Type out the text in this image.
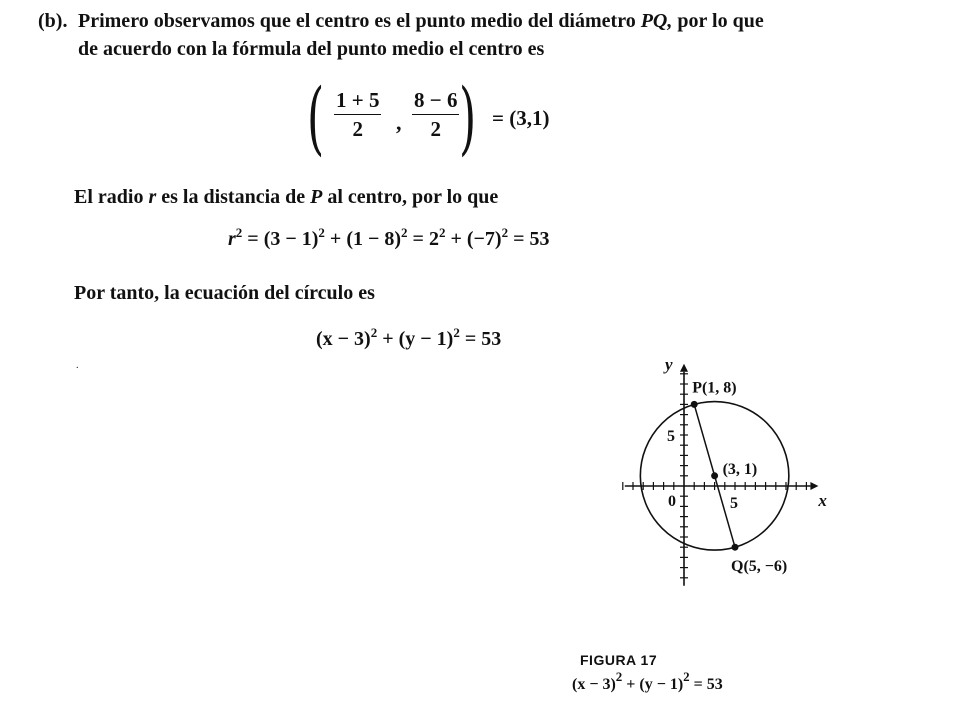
(b). Primero observamos que el centro es el punto medio del diámetro PQ, por lo que
de acuerdo con la fórmula del punto medio el centro es
( $\frac{1 + 5}{2}$ , $\frac{8 - 6}{2}$ ) = (3,1)
El radio r es la distancia de P al centro, por lo que
$r^2 = (3 - 1)^2 + (1 - 8)^2 = 2^2 + (-7)^2 = 53$
Por tanto, la ecuación del círculo es
$(x - 3)^2 + (y - 1)^2 = 53$
.	y
x
0	5
5
P(1, 8)
Q(5, −6)
(3, 1)
FIGURA 17
$(x - 3)^2 + (y - 1)^2 = 53$
